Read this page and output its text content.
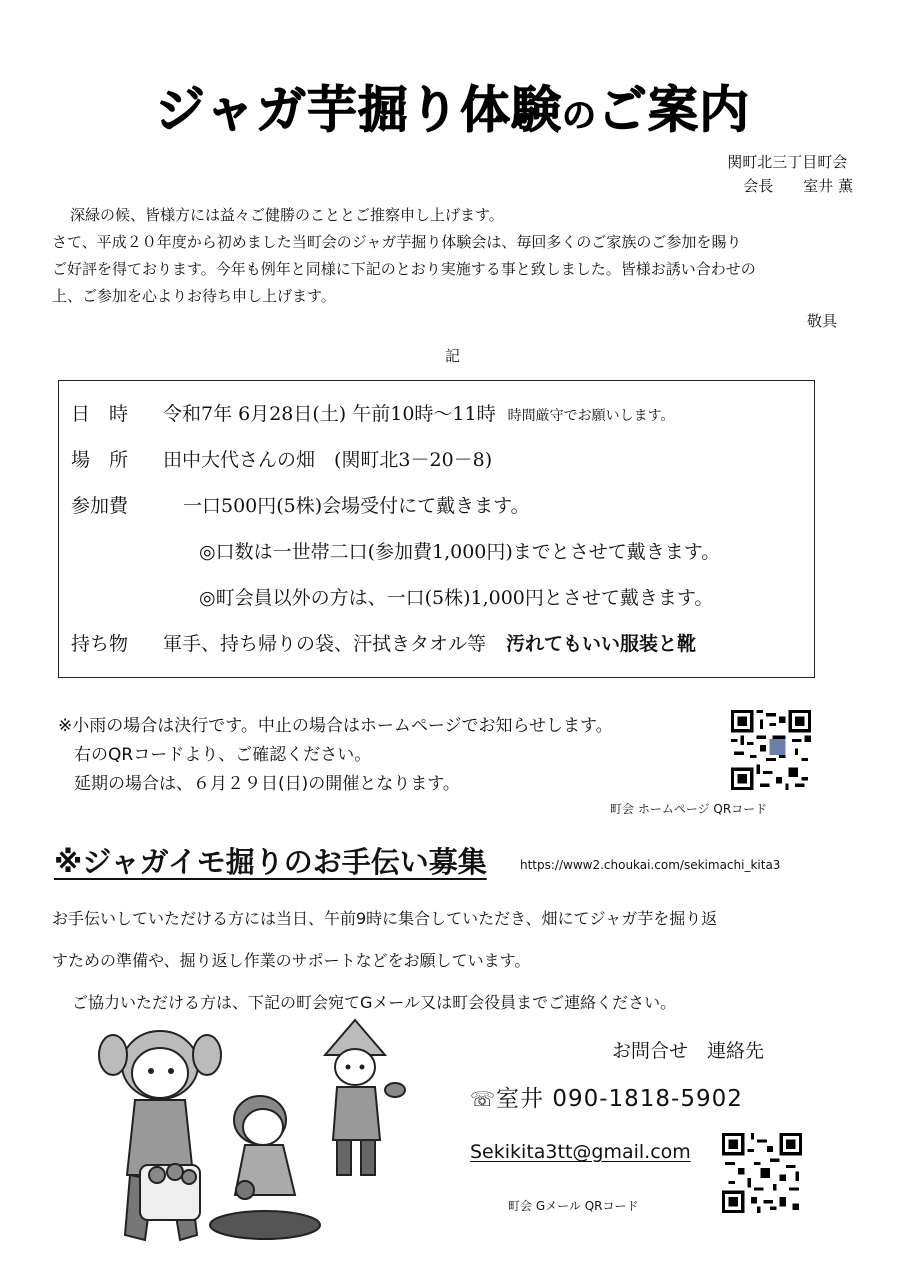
ジャガ芋掘り体験のご案内
関町北三丁目町会
会長　　室井 薫
深緑の候、皆様方には益々ご健勝のこととご推察申し上げます。
さて、平成２０年度から初めました当町会のジャガ芋掘り体験会は、毎回多くのご家族のご参加を賜り
ご好評を得ております。今年も例年と同様に下記のとおり実施する事と致しました。皆様お誘い合わせの
上、ご参加を心よりお待ち申し上げます。
敬具
記
日　時 令和7年 6月28日(土) 午前10時～11時 時間厳守でお願いします。
場　所 田中大代さんの畑　(関町北3－20－8)
参加費	一口500円(5株)会場受付にて戴きます。
◎口数は一世帯二口(参加費1,000円)までとさせて戴きます。
◎町会員以外の方は、一口(5株)1,000円とさせて戴きます。
持ち物 軍手、持ち帰りの袋、汗拭きタオル等 汚れてもいい服装と靴
※小雨の場合は決行です。中止の場合はホームページでお知らせします。
右のQRコードより、ご確認ください。
延期の場合は、６月２９日(日)の開催となります。
町会 ホームページ QRコード
※ジャガイモ掘りのお手伝い募集	https://www2.choukai.com/sekimachi_kita3
お手伝いしていただける方には当日、午前9時に集合していただき、畑にてジャガ芋を掘り返
すための準備や、掘り返し作業のサポートなどをお願しています。
ご協力いただける方は、下記の町会宛てGメール又は町会役員までご連絡ください。
お問合せ　連絡先
☏室井 090-1818-5902
Sekikita3tt@gmail.com
町会 Gメール QRコード
